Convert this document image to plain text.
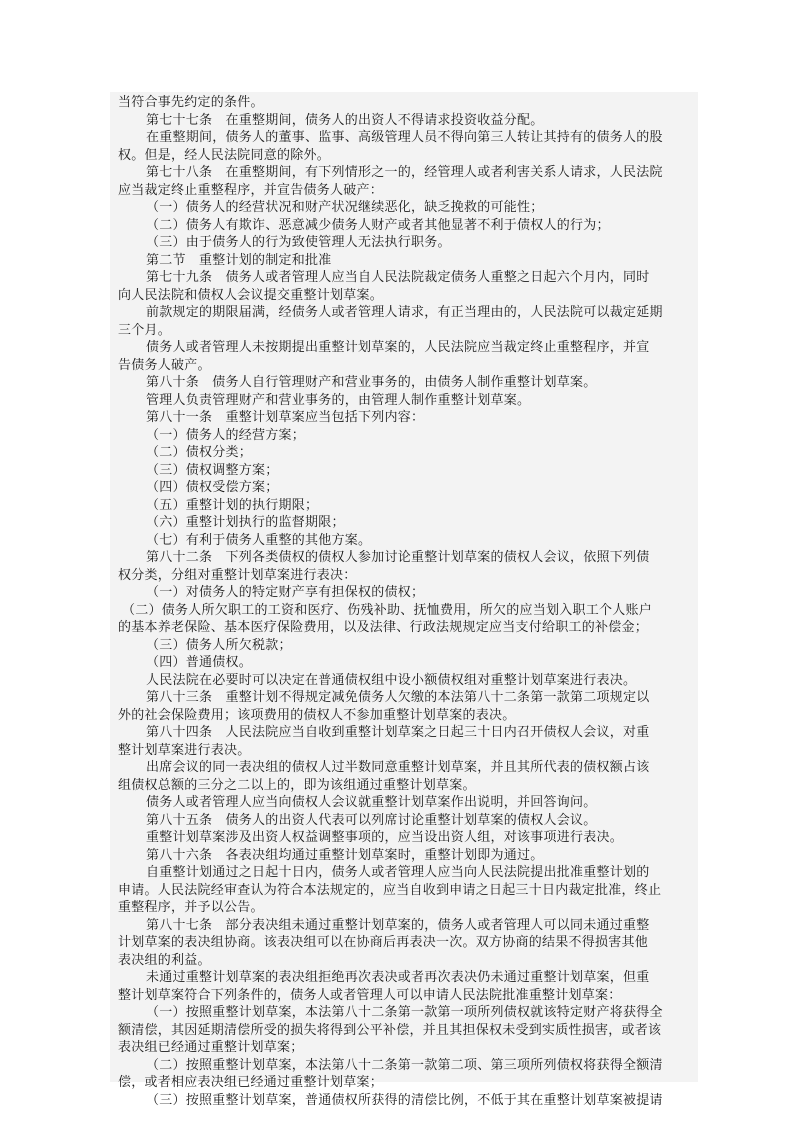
当符合事先约定的条件。

第七十七条　在重整期间，债务人的出资人不得请求投资收益分配。

在重整期间，债务人的董事、监事、高级管理人员不得向第三人转让其持有的债务人的股

权。但是，经人民法院同意的除外。

第七十八条　在重整期间，有下列情形之一的，经管理人或者利害关系人请求，人民法院

应当裁定终止重整程序，并宣告债务人破产：

（一）债务人的经营状况和财产状况继续恶化，缺乏挽救的可能性；

（二）债务人有欺诈、恶意减少债务人财产或者其他显著不利于债权人的行为；

（三）由于债务人的行为致使管理人无法执行职务。

第二节　重整计划的制定和批准

第七十九条　债务人或者管理人应当自人民法院裁定债务人重整之日起六个月内，同时

向人民法院和债权人会议提交重整计划草案。

前款规定的期限届满，经债务人或者管理人请求，有正当理由的，人民法院可以裁定延期

三个月。

债务人或者管理人未按期提出重整计划草案的，人民法院应当裁定终止重整程序，并宣

告债务人破产。

第八十条　债务人自行管理财产和营业事务的，由债务人制作重整计划草案。

管理人负责管理财产和营业事务的，由管理人制作重整计划草案。

第八十一条　重整计划草案应当包括下列内容：

（一）债务人的经营方案；

（二）债权分类；

（三）债权调整方案；

（四）债权受偿方案；

（五）重整计划的执行期限；

（六）重整计划执行的监督期限；

（七）有利于债务人重整的其他方案。

第八十二条　下列各类债权的债权人参加讨论重整计划草案的债权人会议，依照下列债

权分类，分组对重整计划草案进行表决：

（一）对债务人的特定财产享有担保权的债权；

（二）债务人所欠职工的工资和医疗、伤残补助、抚恤费用，所欠的应当划入职工个人账户

的基本养老保险、基本医疗保险费用，以及法律、行政法规规定应当支付给职工的补偿金；

（三）债务人所欠税款；

（四）普通债权。

人民法院在必要时可以决定在普通债权组中设小额债权组对重整计划草案进行表决。

第八十三条　重整计划不得规定减免债务人欠缴的本法第八十二条第一款第二项规定以

外的社会保险费用；该项费用的债权人不参加重整计划草案的表决。

第八十四条　人民法院应当自收到重整计划草案之日起三十日内召开债权人会议，对重

整计划草案进行表决。

出席会议的同一表决组的债权人过半数同意重整计划草案，并且其所代表的债权额占该

组债权总额的三分之二以上的，即为该组通过重整计划草案。

债务人或者管理人应当向债权人会议就重整计划草案作出说明，并回答询问。

第八十五条　债务人的出资人代表可以列席讨论重整计划草案的债权人会议。

重整计划草案涉及出资人权益调整事项的，应当设出资人组，对该事项进行表决。

第八十六条　各表决组均通过重整计划草案时，重整计划即为通过。

自重整计划通过之日起十日内，债务人或者管理人应当向人民法院提出批准重整计划的

申请。人民法院经审查认为符合本法规定的，应当自收到申请之日起三十日内裁定批准，终止

重整程序，并予以公告。

第八十七条　部分表决组未通过重整计划草案的，债务人或者管理人可以同未通过重整

计划草案的表决组协商。该表决组可以在协商后再表决一次。双方协商的结果不得损害其他

表决组的利益。

未通过重整计划草案的表决组拒绝再次表决或者再次表决仍未通过重整计划草案，但重

整计划草案符合下列条件的，债务人或者管理人可以申请人民法院批准重整计划草案：

（一）按照重整计划草案，本法第八十二条第一款第一项所列债权就该特定财产将获得全

额清偿，其因延期清偿所受的损失将得到公平补偿，并且其担保权未受到实质性损害，或者该

表决组已经通过重整计划草案；

（二）按照重整计划草案，本法第八十二条第一款第二项、第三项所列债权将获得全额清

偿，或者相应表决组已经通过重整计划草案；

（三）按照重整计划草案，普通债权所获得的清偿比例，不低于其在重整计划草案被提请
